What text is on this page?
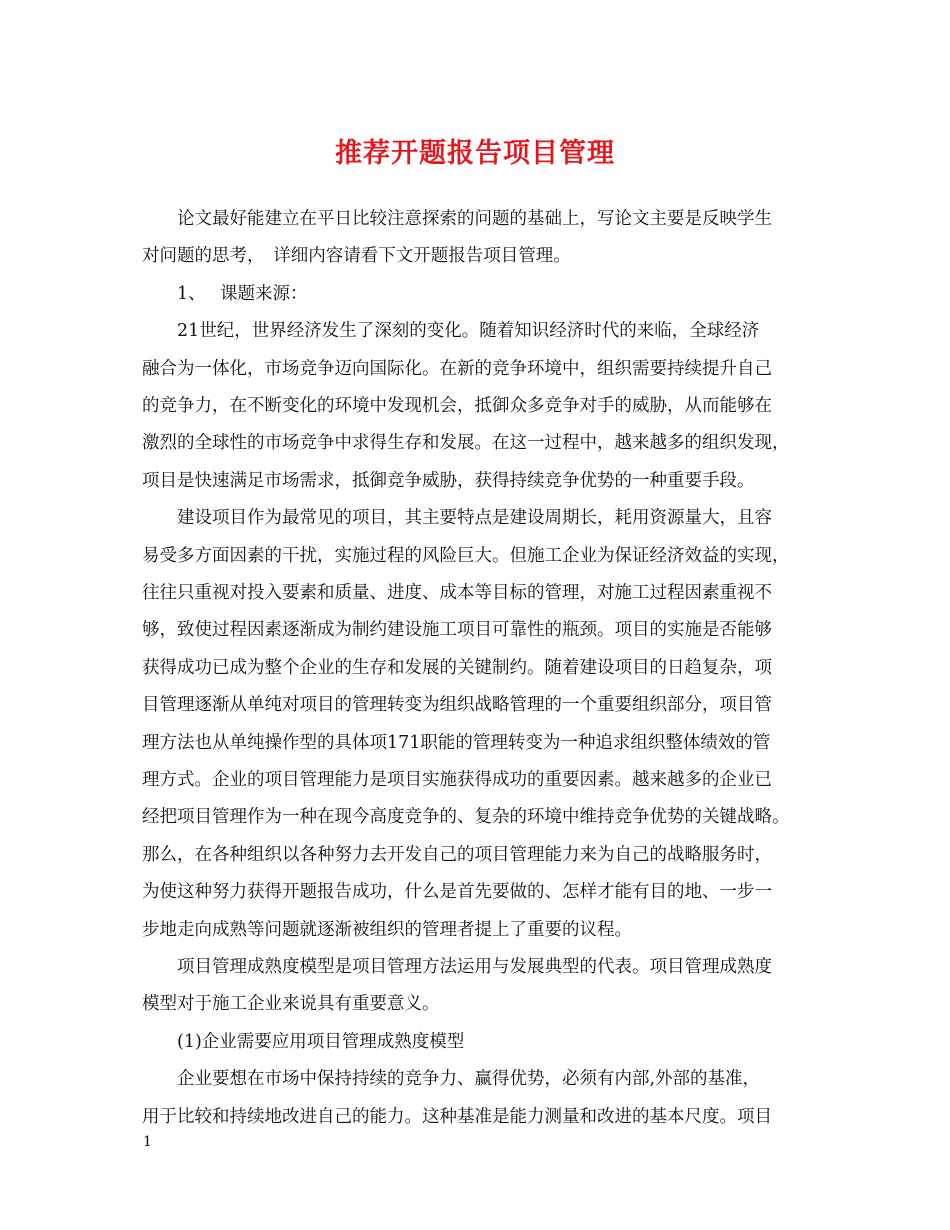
推荐开题报告项目管理
　　论文最好能建立在平日比较注意探索的问题的基础上，写论文主要是反映学生
对问题的思考，　详细内容请看下文开题报告项目管理。
　　1、　 课题来源：
　　21世纪，世界经济发生了深刻的变化。随着知识经济时代的来临，全球经济
融合为一体化，市场竞争迈向国际化。在新的竞争环境中，组织需要持续提升自己
的竞争力，在不断变化的环境中发现机会，抵御众多竞争对手的威胁，从而能够在
激烈的全球性的市场竞争中求得生存和发展。在这一过程中，越来越多的组织发现，
项目是快速满足市场需求，抵御竞争威胁，获得持续竞争优势的一种重要手段。
　　建设项目作为最常见的项目，其主要特点是建设周期长，耗用资源量大，且容
易受多方面因素的干扰，实施过程的风险巨大。但施工企业为保证经济效益的实现，
往往只重视对投入要素和质量、进度、成本等目标的管理，对施工过程因素重视不
够，致使过程因素逐渐成为制约建设施工项目可靠性的瓶颈。项目的实施是否能够
获得成功已成为整个企业的生存和发展的关键制约。随着建设项目的日趋复杂，项
目管理逐渐从单纯对项目的管理转变为组织战略管理的一个重要组织部分，项目管
理方法也从单纯操作型的具体项171职能的管理转变为一种追求组织整体绩效的管
理方式。企业的项目管理能力是项目实施获得成功的重要因素。越来越多的企业已
经把项目管理作为一种在现今高度竞争的、复杂的环境中维持竞争优势的关键战略。
那么，在各种组织以各种努力去开发自己的项目管理能力来为自己的战略服务时，
为使这种努力获得开题报告成功，什么是首先要做的、怎样才能有目的地、一步一
步地走向成熟等问题就逐渐被组织的管理者提上了重要的议程。
　　项目管理成熟度模型是项目管理方法运用与发展典型的代表。项目管理成熟度
模型对于施工企业来说具有重要意义。
　　(1)企业需要应用项目管理成熟度模型
　　企业要想在市场中保持持续的竞争力、赢得优势，必须有内部,外部的基准，
用于比较和持续地改进自己的能力。这种基准是能力测量和改进的基本尺度。项目
1
